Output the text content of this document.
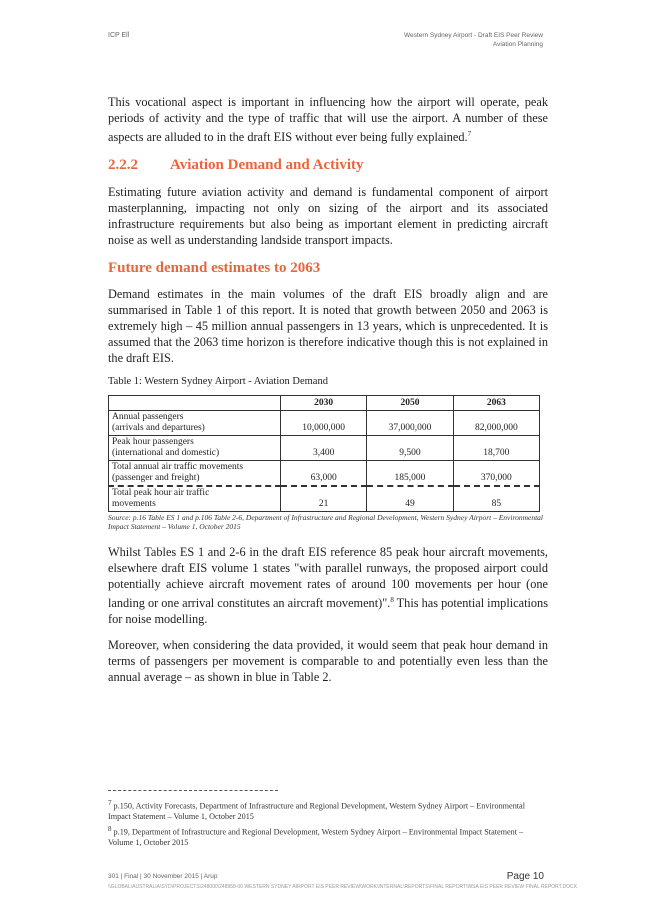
ICP Ell	Western Sydney Airport - Draft EIS Peer Review
Aviation Planning

This vocational aspect is important in influencing how the airport will operate, peak periods of activity and the type of traffic that will use the airport. A number of these aspects are alluded to in the draft EIS without ever being fully explained.$^7$

2.2.2 Aviation Demand and Activity

Estimating future aviation activity and demand is fundamental component of airport masterplanning, impacting not only on sizing of the airport and its associated infrastructure requirements but also being as important element in predicting aircraft noise as well as understanding landside transport impacts.

Future demand estimates to 2063

Demand estimates in the main volumes of the draft EIS broadly align and are summarised in Table 1 of this report. It is noted that growth between 2050 and 2063 is extremely high – 45 million annual passengers in 13 years, which is unprecedented. It is assumed that the 2063 time horizon is therefore indicative though this is not explained in the draft EIS.

Table 1: Western Sydney Airport - Aviation Demand
	2030	2050	2063

Annual passengers
(arrivals and departures)	10,000,000	37,000,000	82,000,000

Peak hour passengers
(international and domestic)	3,400	9,500	18,700

Total annual air traffic movements
(passenger and freight)	63,000	185,000	370,000

Total peak hour air traffic
movements	21	49	85
Source: p.16 Table ES 1 and p.106 Table 2-6, Department of Infrastructure and Regional Development, Western Sydney Airport – Environmental Impact Statement – Volume 1, October 2015

Whilst Tables ES 1 and 2-6 in the draft EIS reference 85 peak hour aircraft movements, elsewhere draft EIS volume 1 states "with parallel runways, the proposed airport could potentially achieve aircraft movement rates of around 100 movements per hour (one landing or one arrival constitutes an aircraft movement)".$^8$ This has potential implications for noise modelling.

Moreover, when considering the data provided, it would seem that peak hour demand in terms of passengers per movement is comparable to and potentially even less than the annual average – as shown in blue in Table 2.

$^7$ p.150, Activity Forecasts, Department of Infrastructure and Regional Development, Western Sydney Airport – Environmental Impact Statement – Volume 1, October 2015
$^8$ p.19, Department of Infrastructure and Regional Development, Western Sydney Airport – Environmental Impact Statement – Volume 1, October 2015
301 | Final | 30 November 2015 | Arup	Page 10
\\GLOBAL\AUSTRALIA\SYD\PROJECTS\248000\248958-00 WESTERN SYDNEY AIRPORT EIS PEER REVIEW\WORK\INTERNAL\REPORTS\FINAL REPORT\WSA EIS PEER REVIEW FINAL REPORT.DOCX
